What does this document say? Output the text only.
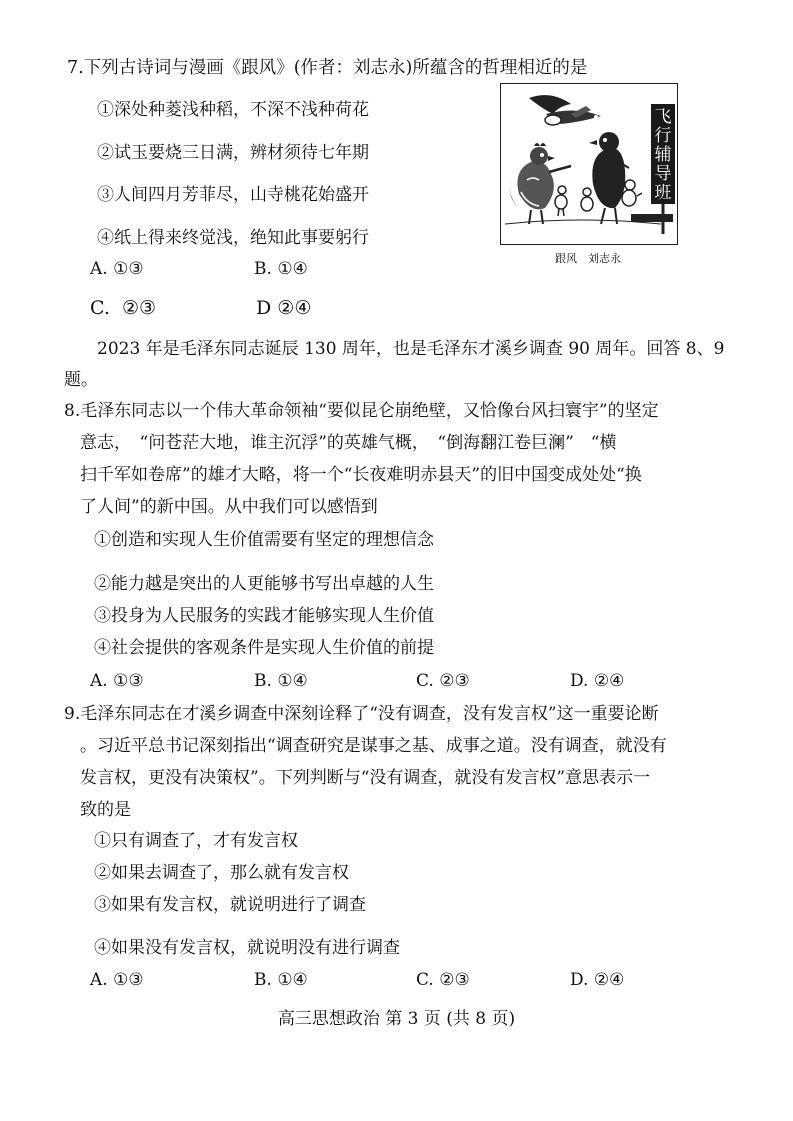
7.下列古诗词与漫画《跟风》(作者：刘志永)所蕴含的哲理相近的是
①深处种菱浅种稻，不深不浅种荷花
②试玉要烧三日满，辨材须待七年期
③人间四月芳菲尽，山寺桃花始盛开
④纸上得来终觉浅，绝知此事要躬行
A. ①③	B. ①④
C. ②③	D ②④
飞
行
辅
导
班
跟风　刘志永
2023 年是毛泽东同志诞辰 130 周年，也是毛泽东才溪乡调查 90 周年。回答 8、9
题。
8.毛泽东同志以一个伟大革命领袖“要似昆仑崩绝壁，又恰像台风扫寰宇”的坚定
意志，　“问苍茫大地，谁主沉浮”的英雄气概，　“倒海翻江卷巨澜”　“横
扫千军如卷席”的雄才大略，将一个“长夜难明赤县天”的旧中国变成处处“换
了人间”的新中国。从中我们可以感悟到
①创造和实现人生价值需要有坚定的理想信念
②能力越是突出的人更能够书写出卓越的人生
③投身为人民服务的实践才能够实现人生价值
④社会提供的客观条件是实现人生价值的前提
A. ①③	B. ①④	C. ②③	D. ②④
9.毛泽东同志在才溪乡调查中深刻诠释了“没有调查，没有发言权”这一重要论断
。习近平总书记深刻指出“调查研究是谋事之基、成事之道。没有调查，就没有
发言权，更没有决策权”。下列判断与“没有调查，就没有发言权”意思表示一
致的是
①只有调查了，才有发言权
②如果去调查了，那么就有发言权
③如果有发言权，就说明进行了调查
④如果没有发言权，就说明没有进行调查
A. ①③	B. ①④	C. ②③	D. ②④
高三思想政治 第 3 页 (共 8 页)
